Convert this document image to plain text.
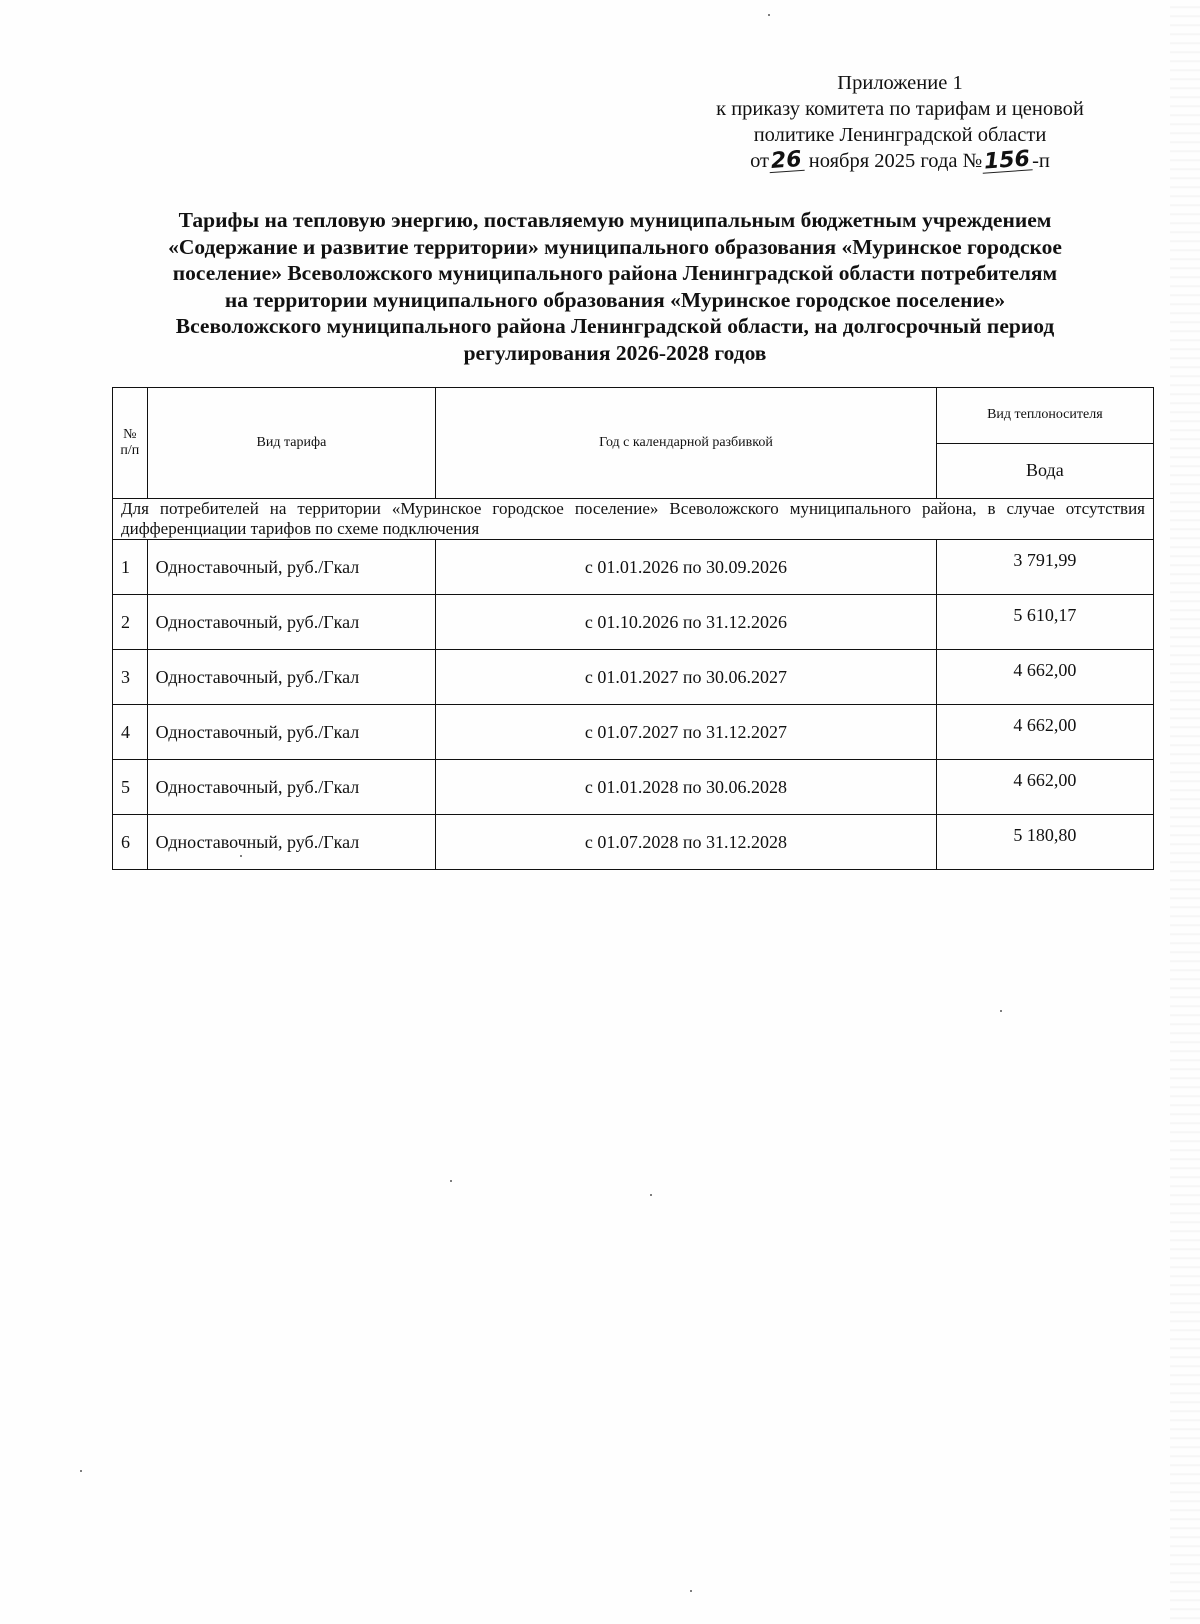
Приложение 1
к приказу комитета по тарифам и ценовой
политике Ленинградской области
от26 ноября 2025 года №156-п
Тарифы на тепловую энергию, поставляемую муниципальным бюджетным учреждением
«Содержание и развитие территории» муниципального образования «Муринское городское
поселение» Всеволожского муниципального района Ленинградской области потребителям
на территории муниципального образования «Муринское городское поселение»
Всеволожского муниципального района Ленинградской области, на долгосрочный период
регулирования 2026-2028 годов
№ п/п	Вид тарифа	Год с календарной разбивкой	Вид теплоносителя
			Вода
Для потребителей на территории «Муринское городское поселение» Всеволожского муниципального района, в случае отсутствия дифференциации тарифов по схеме подключения			
1	Одноставочный, руб./Гкал	с 01.01.2026 по 30.09.2026	3 791,99
2	Одноставочный, руб./Гкал	с 01.10.2026 по 31.12.2026	5 610,17
3	Одноставочный, руб./Гкал	с 01.01.2027 по 30.06.2027	4 662,00
4	Одноставочный, руб./Гкал	с 01.07.2027 по 31.12.2027	4 662,00
5	Одноставочный, руб./Гкал	с 01.01.2028 по 30.06.2028	4 662,00
6	Одноставочный, руб./Гкал	с 01.07.2028 по 31.12.2028	5 180,80
